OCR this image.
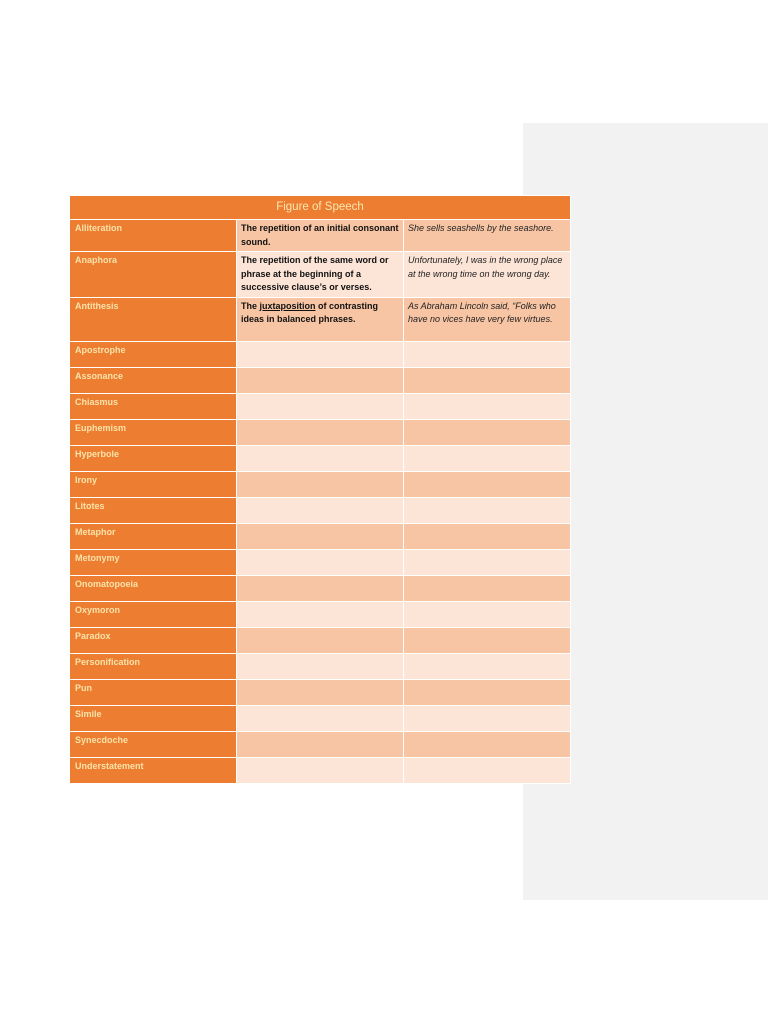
Figure of Speech		
Alliteration	The repetition of an initial consonant sound.	She sells seashells by the seashore.
Anaphora	The repetition of the same word or phrase at the beginning of a successive clause’s or verses.	Unfortunately, I was in the wrong place at the wrong time on the wrong day.
Antithesis	The juxtaposition of contrasting ideas in balanced phrases.	As Abraham Lincoln said, “Folks who have no vices have very few virtues.
Apostrophe		
Assonance		
Chiasmus		
Euphemism		
Hyperbole		
Irony		
Litotes		
Metaphor		
Metonymy		
Onomatopoeia		
Oxymoron		
Paradox		
Personification		
Pun		
Simile		
Synecdoche		
Understatement		
